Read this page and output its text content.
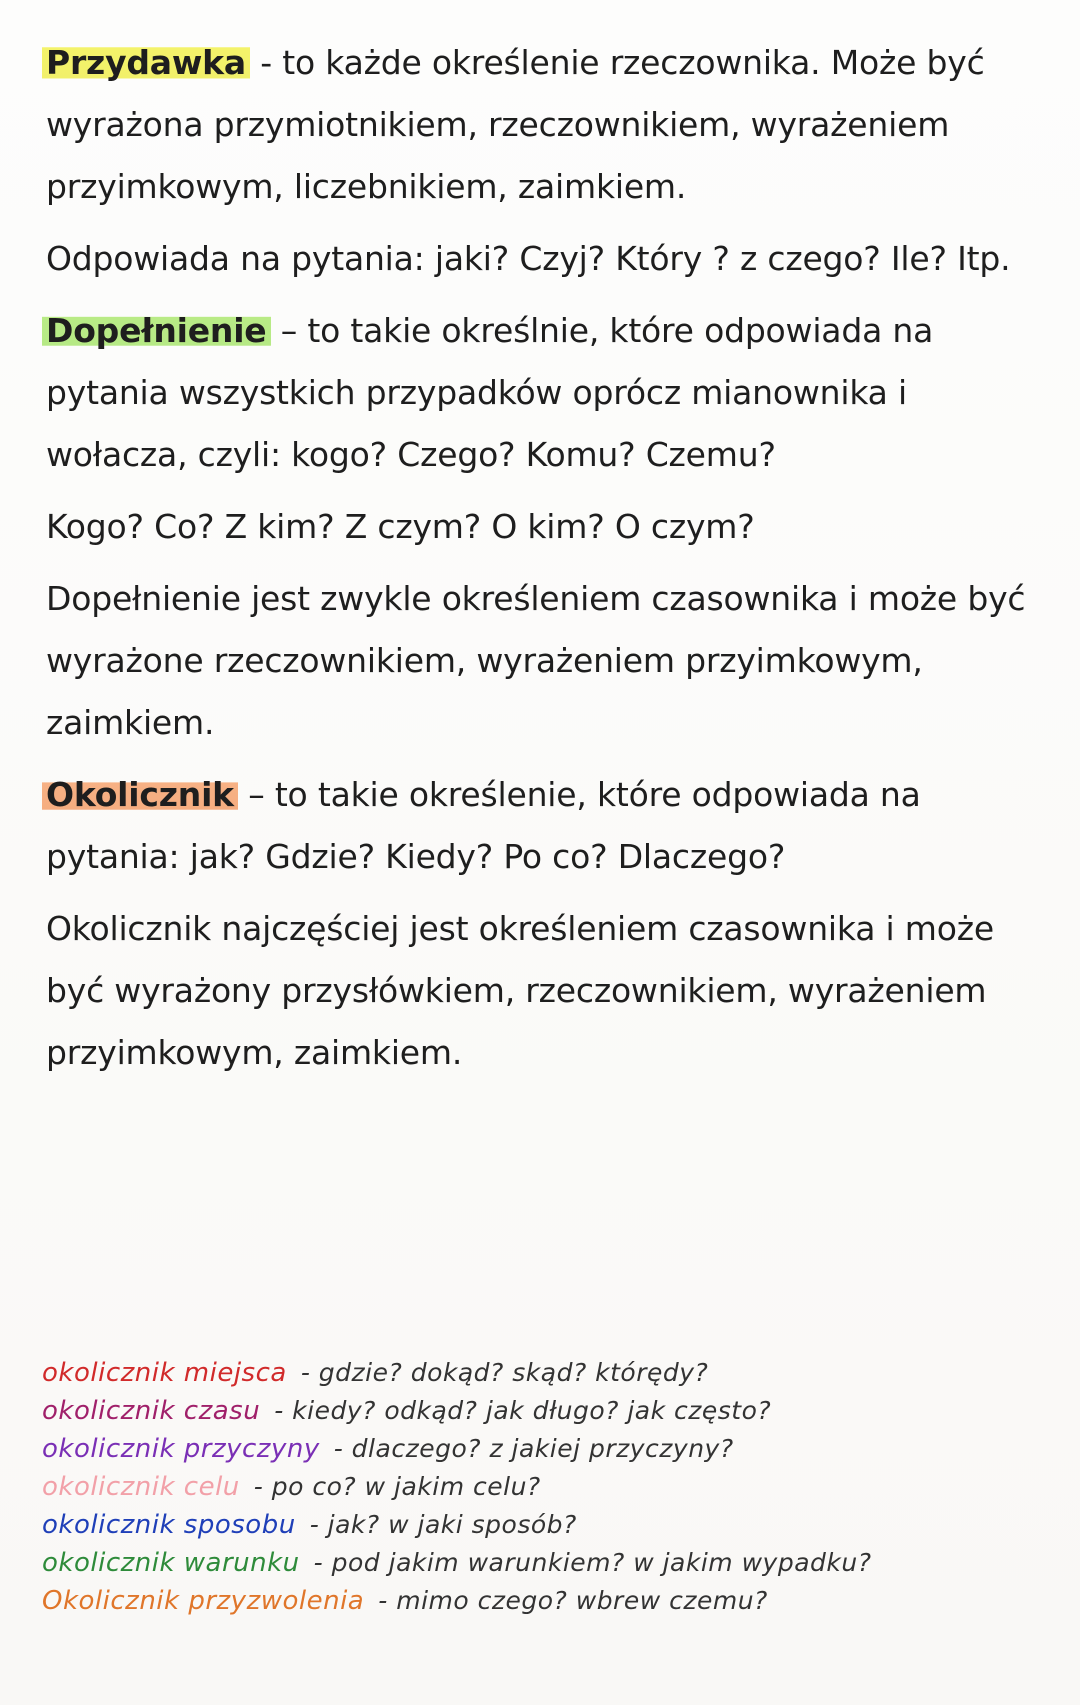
Przydawka - to każde określenie rzeczownika. Może być wyrażona przymiotnikiem, rzeczownikiem, wyrażeniem przyimkowym, liczebnikiem, zaimkiem.

Odpowiada na pytania: jaki? Czyj? Który ? z czego? Ile? Itp.

Dopełnienie – to takie określnie, które odpowiada na pytania wszystkich przypadków oprócz mianownika i wołacza, czyli: kogo? Czego? Komu? Czemu?

Kogo? Co? Z kim? Z czym? O kim? O czym?

Dopełnienie jest zwykle określeniem czasownika i może być wyrażone rzeczownikiem, wyrażeniem przyimkowym, zaimkiem.

Okolicznik – to takie określenie, które odpowiada na pytania: jak? Gdzie? Kiedy? Po co? Dlaczego?

Okolicznik najczęściej jest określeniem czasownika i może być wyrażony przysłówkiem, rzeczownikiem, wyrażeniem przyimkowym, zaimkiem.

okolicznik miejsca - gdzie? dokąd? skąd? którędy?
okolicznik czasu - kiedy? odkąd? jak długo? jak często?
okolicznik przyczyny - dlaczego? z jakiej przyczyny?
okolicznik celu - po co? w jakim celu?
okolicznik sposobu - jak? w jaki sposób?
okolicznik warunku - pod jakim warunkiem? w jakim wypadku?
Okolicznik przyzwolenia - mimo czego? wbrew czemu?
